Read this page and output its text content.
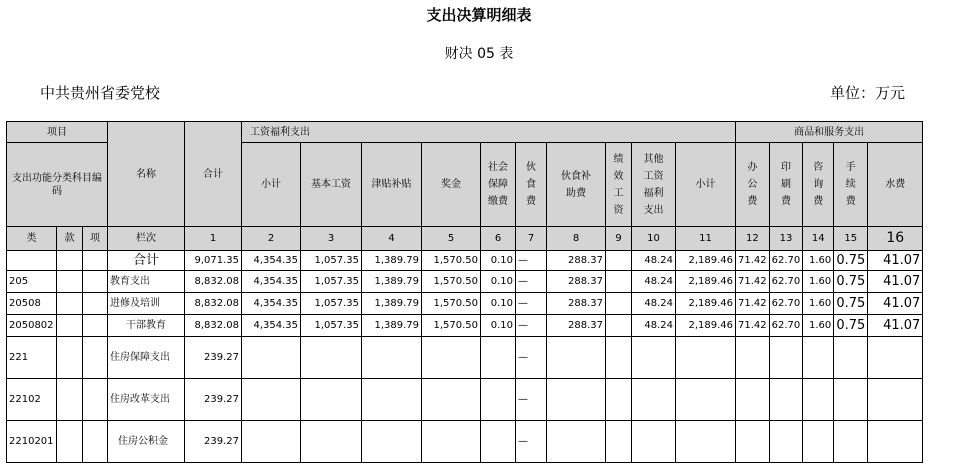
支出决算明细表
财决 05 表
中共贵州省委党校	单位：万元
项目			名称	合计	工资福利支出										商品和服务支出				
支出功能分类科目编码					小计	基本工资	津贴补贴	奖金	社会保障缴费	伙食费	伙食补助费	绩效工资	其他工资福利支出	小计	办公费	印刷费	咨询费	手续费	水费

类	款	项	栏次	1	2	3	4	5	6	7	8	9	10	11	12	13	14	15	16
			合计	9,071.35	4,354.35	1,057.35	1,389.79	1,570.50	0.10	—	288.37		48.24	2,189.46	71.42	62.70	1.60	0.75	41.07
205			教育支出	8,832.08	4,354.35	1,057.35	1,389.79	1,570.50	0.10	—	288.37		48.24	2,189.46	71.42	62.70	1.60	0.75	41.07
20508			进修及培训	8,832.08	4,354.35	1,057.35	1,389.79	1,570.50	0.10	—	288.37		48.24	2,189.46	71.42	62.70	1.60	0.75	41.07
2050802			干部教育	8,832.08	4,354.35	1,057.35	1,389.79	1,570.50	0.10	—	288.37		48.24	2,189.46	71.42	62.70	1.60	0.75	41.07
221			住房保障支出	239.27						—									
22102			住房改革支出	239.27						—									
2210201			住房公积金	239.27						—									
